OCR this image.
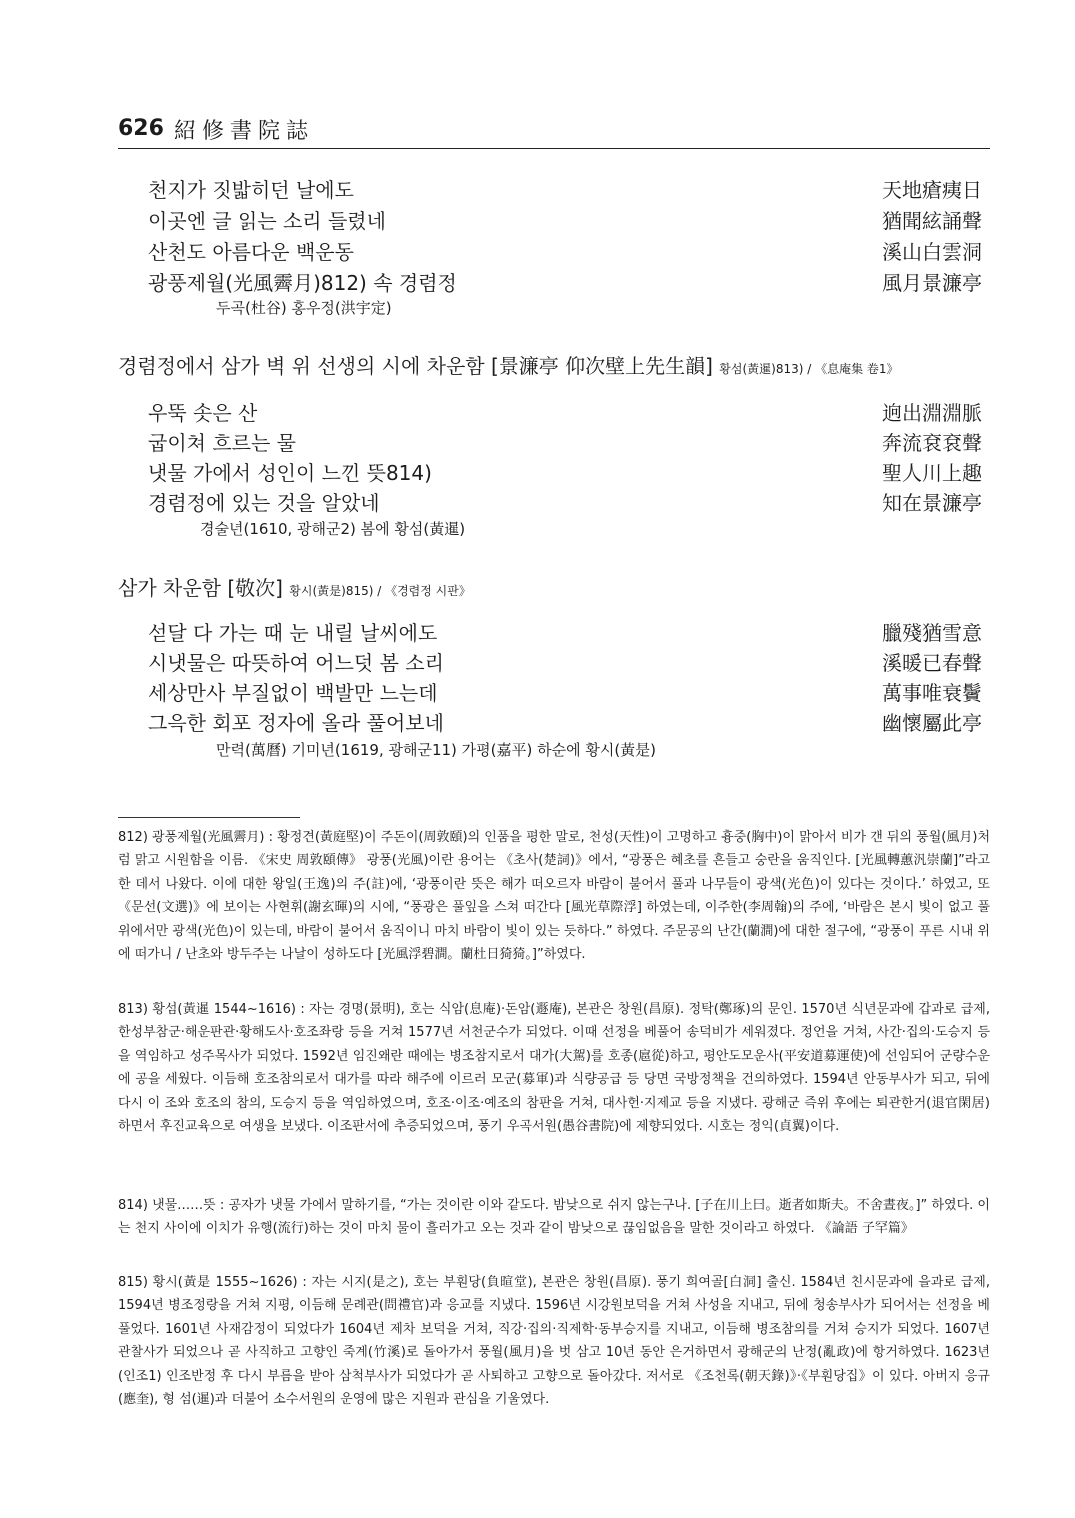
626 紹修書院誌
천지가 짓밟히던 날에도	天地瘡痍日
이곳엔 글 읽는 소리 들렸네	猶聞絃誦聲
산천도 아름다운 백운동	溪山白雲洞
광풍제월(光風霽月)812) 속 경렴정	風月景濂亭
두곡(杜谷) 홍우정(洪宇定)
경렴정에서 삼가 벽 위 선생의 시에 차운함 [景濂亭 仰次壁上先生韻] 황섬(黃暹)813) / 《息庵集 卷1》
우뚝 솟은 산	逈出淵淵脈
굽이쳐 흐르는 물	奔流袞袞聲
냇물 가에서 성인이 느낀 뜻814)	聖人川上趣
경렴정에 있는 것을 알았네	知在景濂亭
경술년(1610, 광해군2) 봄에 황섬(黃暹)
삼가 차운함 [敬次] 황시(黃是)815) / 《경렴정 시판》
섣달 다 가는 때 눈 내릴 날씨에도	臘殘猶雪意
시냇물은 따뜻하여 어느덧 봄 소리	溪暖已春聲
세상만사 부질없이 백발만 느는데	萬事唯衰鬢
그윽한 회포 정자에 올라 풀어보네	幽懷屬此亭
만력(萬曆) 기미년(1619, 광해군11) 가평(嘉平) 하순에 황시(黃是)
812) 광풍제월(光風霽月) : 황정견(黃庭堅)이 주돈이(周敦頤)의 인품을 평한 말로, 천성(天性)이 고명하고 흉중(胸中)이 맑아서 비가 갠 뒤의 풍월(風月)처럼 맑고 시원함을 이름. 《宋史 周敦頤傳》 광풍(光風)이란 용어는 《초사(楚詞)》에서, “광풍은 혜초를 흔들고 숭란을 움직인다. [光風轉蕙汎崇蘭]”라고 한 데서 나왔다. 이에 대한 왕일(王逸)의 주(註)에, ‘광풍이란 뜻은 해가 떠오르자 바람이 불어서 풀과 나무들이 광색(光色)이 있다는 것이다.’ 하였고, 또 《문선(文選)》에 보이는 사현휘(謝玄暉)의 시에, “풍광은 풀잎을 스쳐 떠간다 [風光草際浮] 하였는데, 이주한(李周翰)의 주에, ‘바람은 본시 빛이 없고 풀 위에서만 광색(光色)이 있는데, 바람이 불어서 움직이니 마치 바람이 빛이 있는 듯하다.” 하였다. 주문공의 난간(蘭澗)에 대한 절구에, “광풍이 푸른 시내 위에 떠가니 / 난초와 방두주는 나날이 성하도다 [光風浮碧澗。蘭杜日猗猗。]”하였다.
813) 황섬(黃暹 1544~1616) : 자는 경명(景明), 호는 식암(息庵)·돈암(遯庵), 본관은 창원(昌原). 정탁(鄭琢)의 문인. 1570년 식년문과에 갑과로 급제, 한성부참군·해운판관·황해도사·호조좌랑 등을 거쳐 1577년 서천군수가 되었다. 이때 선정을 베풀어 송덕비가 세워졌다. 정언을 거쳐, 사간·집의·도승지 등을 역임하고 성주목사가 되었다. 1592년 임진왜란 때에는 병조참지로서 대가(大駕)를 호종(扈從)하고, 평안도모운사(平安道募運使)에 선임되어 군량수운에 공을 세웠다. 이듬해 호조참의로서 대가를 따라 해주에 이르러 모군(募軍)과 식량공급 등 당면 국방정책을 건의하였다. 1594년 안동부사가 되고, 뒤에 다시 이 조와 호조의 참의, 도승지 등을 역임하였으며, 호조·이조·예조의 참판을 거쳐, 대사헌·지제교 등을 지냈다. 광해군 즉위 후에는 퇴관한거(退官閑居)하면서 후진교육으로 여생을 보냈다. 이조판서에 추증되었으며, 풍기 우곡서원(愚谷書院)에 제향되었다. 시호는 정익(貞翼)이다.
814) 냇물……뜻 : 공자가 냇물 가에서 말하기를, “가는 것이란 이와 같도다. 밤낮으로 쉬지 않는구나. [子在川上曰。逝者如斯夫。不舍晝夜。]” 하였다. 이는 천지 사이에 이치가 유행(流行)하는 것이 마치 물이 흘러가고 오는 것과 같이 밤낮으로 끊임없음을 말한 것이라고 하였다. 《論語 子罕篇》
815) 황시(黃是 1555~1626) : 자는 시지(是之), 호는 부훤당(負暄堂), 본관은 창원(昌原). 풍기 희여골[白洞] 출신. 1584년 친시문과에 을과로 급제, 1594년 병조정랑을 거쳐 지평, 이듬해 문례관(問禮官)과 응교를 지냈다. 1596년 시강원보덕을 거쳐 사성을 지내고, 뒤에 청송부사가 되어서는 선정을 베풀었다. 1601년 사재감정이 되었다가 1604년 제차 보덕을 거쳐, 직강·집의·직제학·동부승지를 지내고, 이듬해 병조참의를 거쳐 승지가 되었다. 1607년 관찰사가 되었으나 곧 사직하고 고향인 죽계(竹溪)로 돌아가서 풍월(風月)을 벗 삼고 10년 동안 은거하면서 광해군의 난정(亂政)에 항거하였다. 1623년(인조1) 인조반정 후 다시 부름을 받아 삼척부사가 되었다가 곧 사퇴하고 고향으로 돌아갔다. 저서로 《조천록(朝天錄)》·《부훤당집》이 있다. 아버지 응규(應奎), 형 섬(暹)과 더불어 소수서원의 운영에 많은 지원과 관심을 기울였다.
